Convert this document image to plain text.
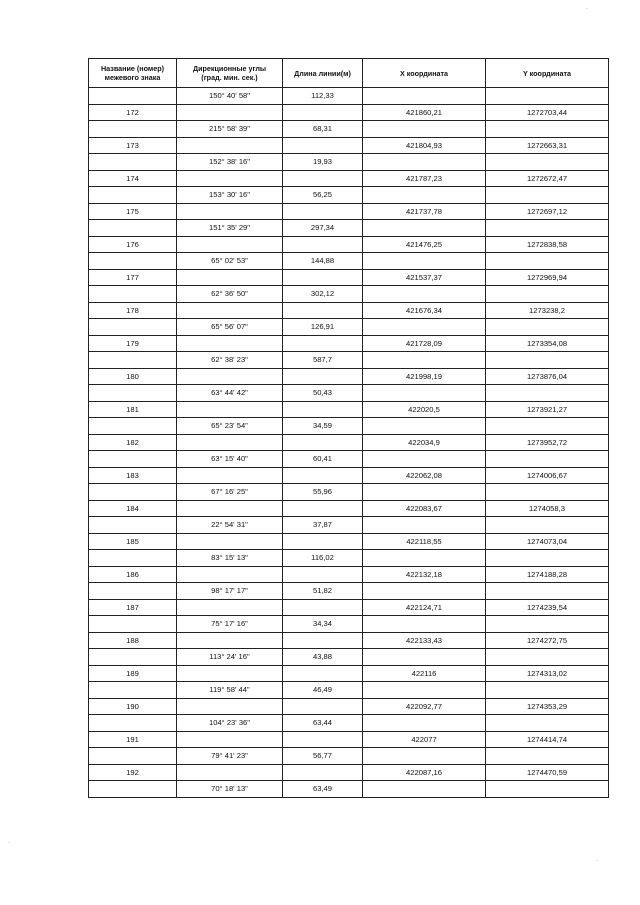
Название (номер)
межевого знака	Дирекционные углы
(град. мин. сек.)	Длина линии(м)	X координата	Y координата
	150° 40' 58"	112,33		
172			421860,21	1272703,44
	215° 58' 39"	68,31		
173			421804,93	1272663,31
	152° 38' 16"	19,93		
174			421787,23	1272672,47
	153° 30' 16"	56,25		
175			421737,78	1272697,12
	151° 35' 29"	297,34		
176			421476,25	1272838,58
	65° 02' 53"	144,88		
177			421537,37	1272969,94
	62° 36' 50"	302,12		
178			421676,34	1273238,2
	65° 56' 07"	126,91		
179			421728,09	1273354,08
	62° 38' 23"	587,7		
180			421998,19	1273876,04
	63° 44' 42"	50,43		
181			422020,5	1273921,27
	65° 23' 54"	34,59		
182			422034,9	1273952,72
	63° 15' 40"	60,41		
183			422062,08	1274006,67
	67° 16' 25"	55,96		
184			422083,67	1274058,3
	22° 54' 31"	37,87		
185			422118,55	1274073,04
	83° 15' 13"	116,02		
186			422132,18	1274188,28
	98° 17' 17"	51,82		
187			422124,71	1274239,54
	75° 17' 16"	34,34		
188			422133,43	1274272,75
	113° 24' 16"	43,88		
189			422116	1274313,02
	119° 58' 44"	46,49		
190			422092,77	1274353,29
	104° 23' 36"	63,44		
191			422077	1274414,74
	79° 41' 23"	56,77		
192			422087,16	1274470,59
	70° 18' 13"	63,49		
·
·
·
